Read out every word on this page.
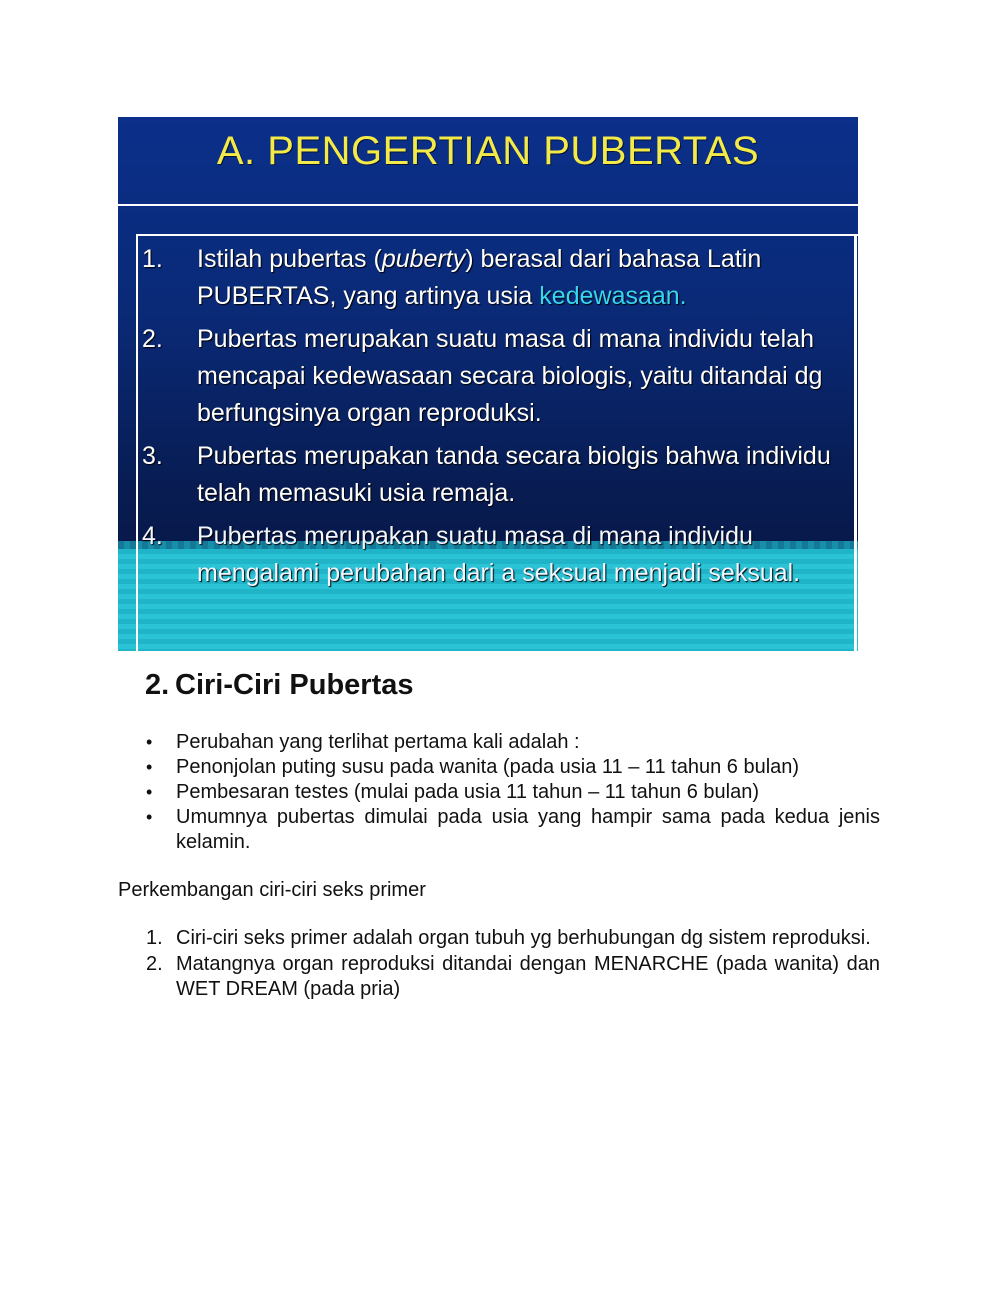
A. PENGERTIAN PUBERTAS
1. Istilah pubertas (puberty) berasal dari bahasa Latin PUBERTAS, yang artinya usia kedewasaan.
2. Pubertas merupakan suatu masa di mana individu telah mencapai kedewasaan secara biologis, yaitu ditandai dg berfungsinya organ reproduksi.
3. Pubertas merupakan tanda secara biolgis bahwa individu telah memasuki usia remaja.
4. Pubertas merupakan suatu masa di mana individu mengalami perubahan dari a seksual menjadi seksual.
2. Ciri-Ciri Pubertas
• Perubahan yang terlihat pertama kali adalah :
• Penonjolan puting susu pada wanita (pada usia 11 – 11 tahun 6 bulan)
• Pembesaran testes (mulai pada usia 11 tahun – 11 tahun 6 bulan)
• Umumnya pubertas dimulai pada usia yang hampir sama pada kedua jenis kelamin.

Perkembangan ciri-ciri seks primer

1. Ciri-ciri seks primer adalah organ tubuh yg berhubungan dg sistem reproduksi.
2. Matangnya organ reproduksi ditandai dengan MENARCHE (pada wanita) dan WET DREAM (pada pria)
